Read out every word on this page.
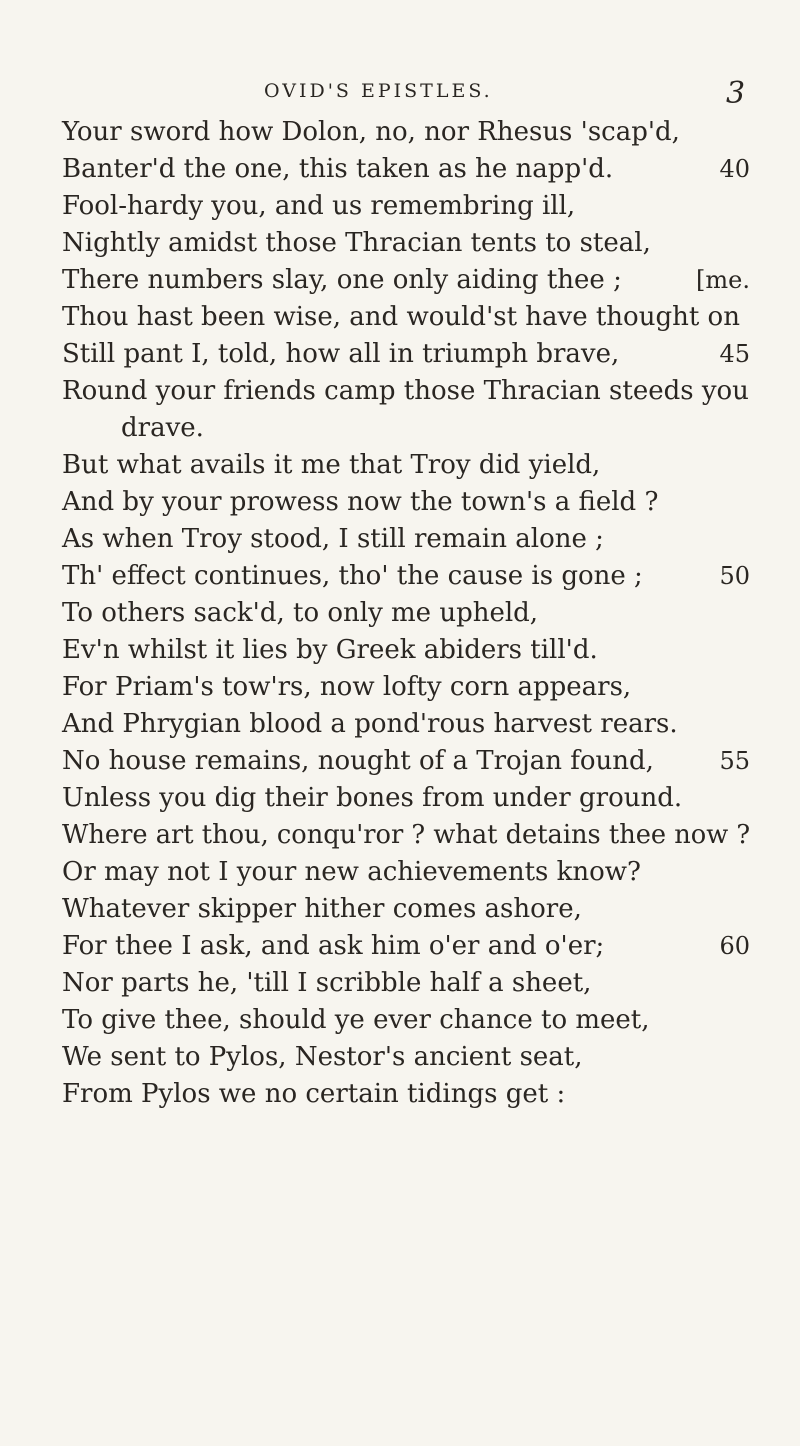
OVID'S EPISTLES.	3
Your sword how Dolon, no, nor Rhesus 'scap'd,
Banter'd the one, this taken as he napp'd.	40
Fool-hardy you, and us remembring ill,
Nightly amidst those Thracian tents to steal,
There numbers slay, one only aiding thee ;	[me.
Thou hast been wise, and would'st have thought on
Still pant I, told, how all in triumph brave,	45
Round your friends camp those Thracian steeds you
drave.
But what avails it me that Troy did yield,
And by your prowess now the town's a field ?
As when Troy stood, I still remain alone ;
Th' effect continues, tho' the cause is gone ;	50
To others sack'd, to only me upheld,
Ev'n whilst it lies by Greek abiders till'd.
For Priam's tow'rs, now lofty corn appears,
And Phrygian blood a pond'rous harvest rears.
No house remains, nought of a Trojan found,	55
Unless you dig their bones from under ground.
Where art thou, conqu'ror ? what detains thee now ?
Or may not I your new achievements know?
Whatever skipper hither comes ashore,
For thee I ask, and ask him o'er and o'er;	60
Nor parts he, 'till I scribble half a sheet,
To give thee, should ye ever chance to meet,
We sent to Pylos, Nestor's ancient seat,
From Pylos we no certain tidings get :
